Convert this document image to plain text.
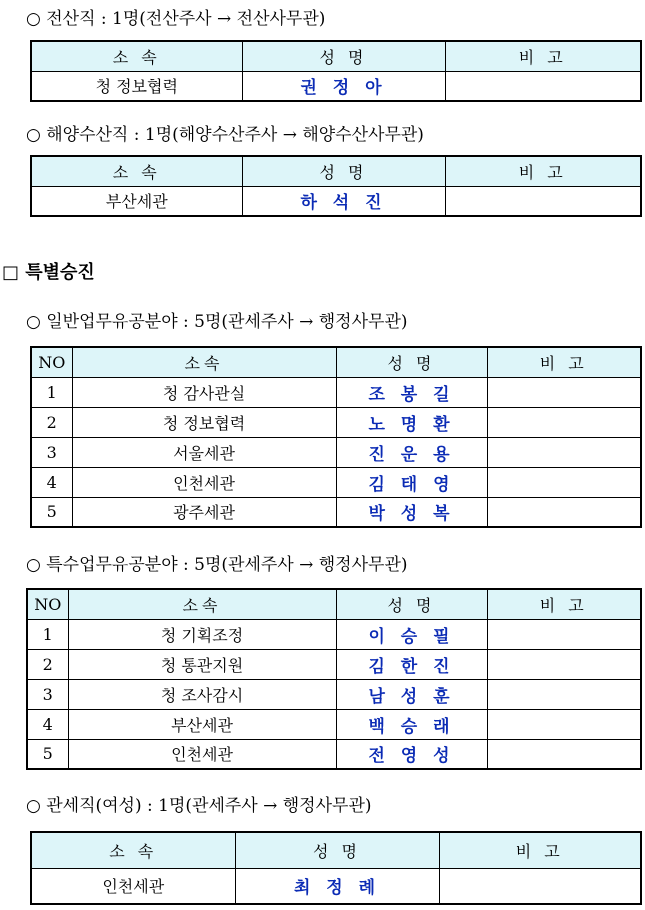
○ 전산직 : 1명(전산주사 → 전산사무관)
소 속	성 명	비 고
청 정보협력	권 정 아	
○ 해양수산직 : 1명(해양수산주사 → 해양수산사무관)
소 속	성 명	비 고
부산세관	하 석 진	
□ 특별승진
○ 일반업무유공분야 : 5명(관세주사 → 행정사무관)
NO	소속	성 명	비 고
1	청 감사관실	조 봉 길	
2	청 정보협력	노 명 환	
3	서울세관	진 운 용	
4	인천세관	김 태 영	
5	광주세관	박 성 복	
○ 특수업무유공분야 : 5명(관세주사 → 행정사무관)
NO	소속	성 명	비 고
1	청 기획조정	이 승 필	
2	청 통관지원	김 한 진	
3	청 조사감시	남 성 훈	
4	부산세관	백 승 래	
5	인천세관	전 영 성	
○ 관세직(여성) : 1명(관세주사 → 행정사무관)
소 속	성 명	비 고
인천세관	최 정 례	
